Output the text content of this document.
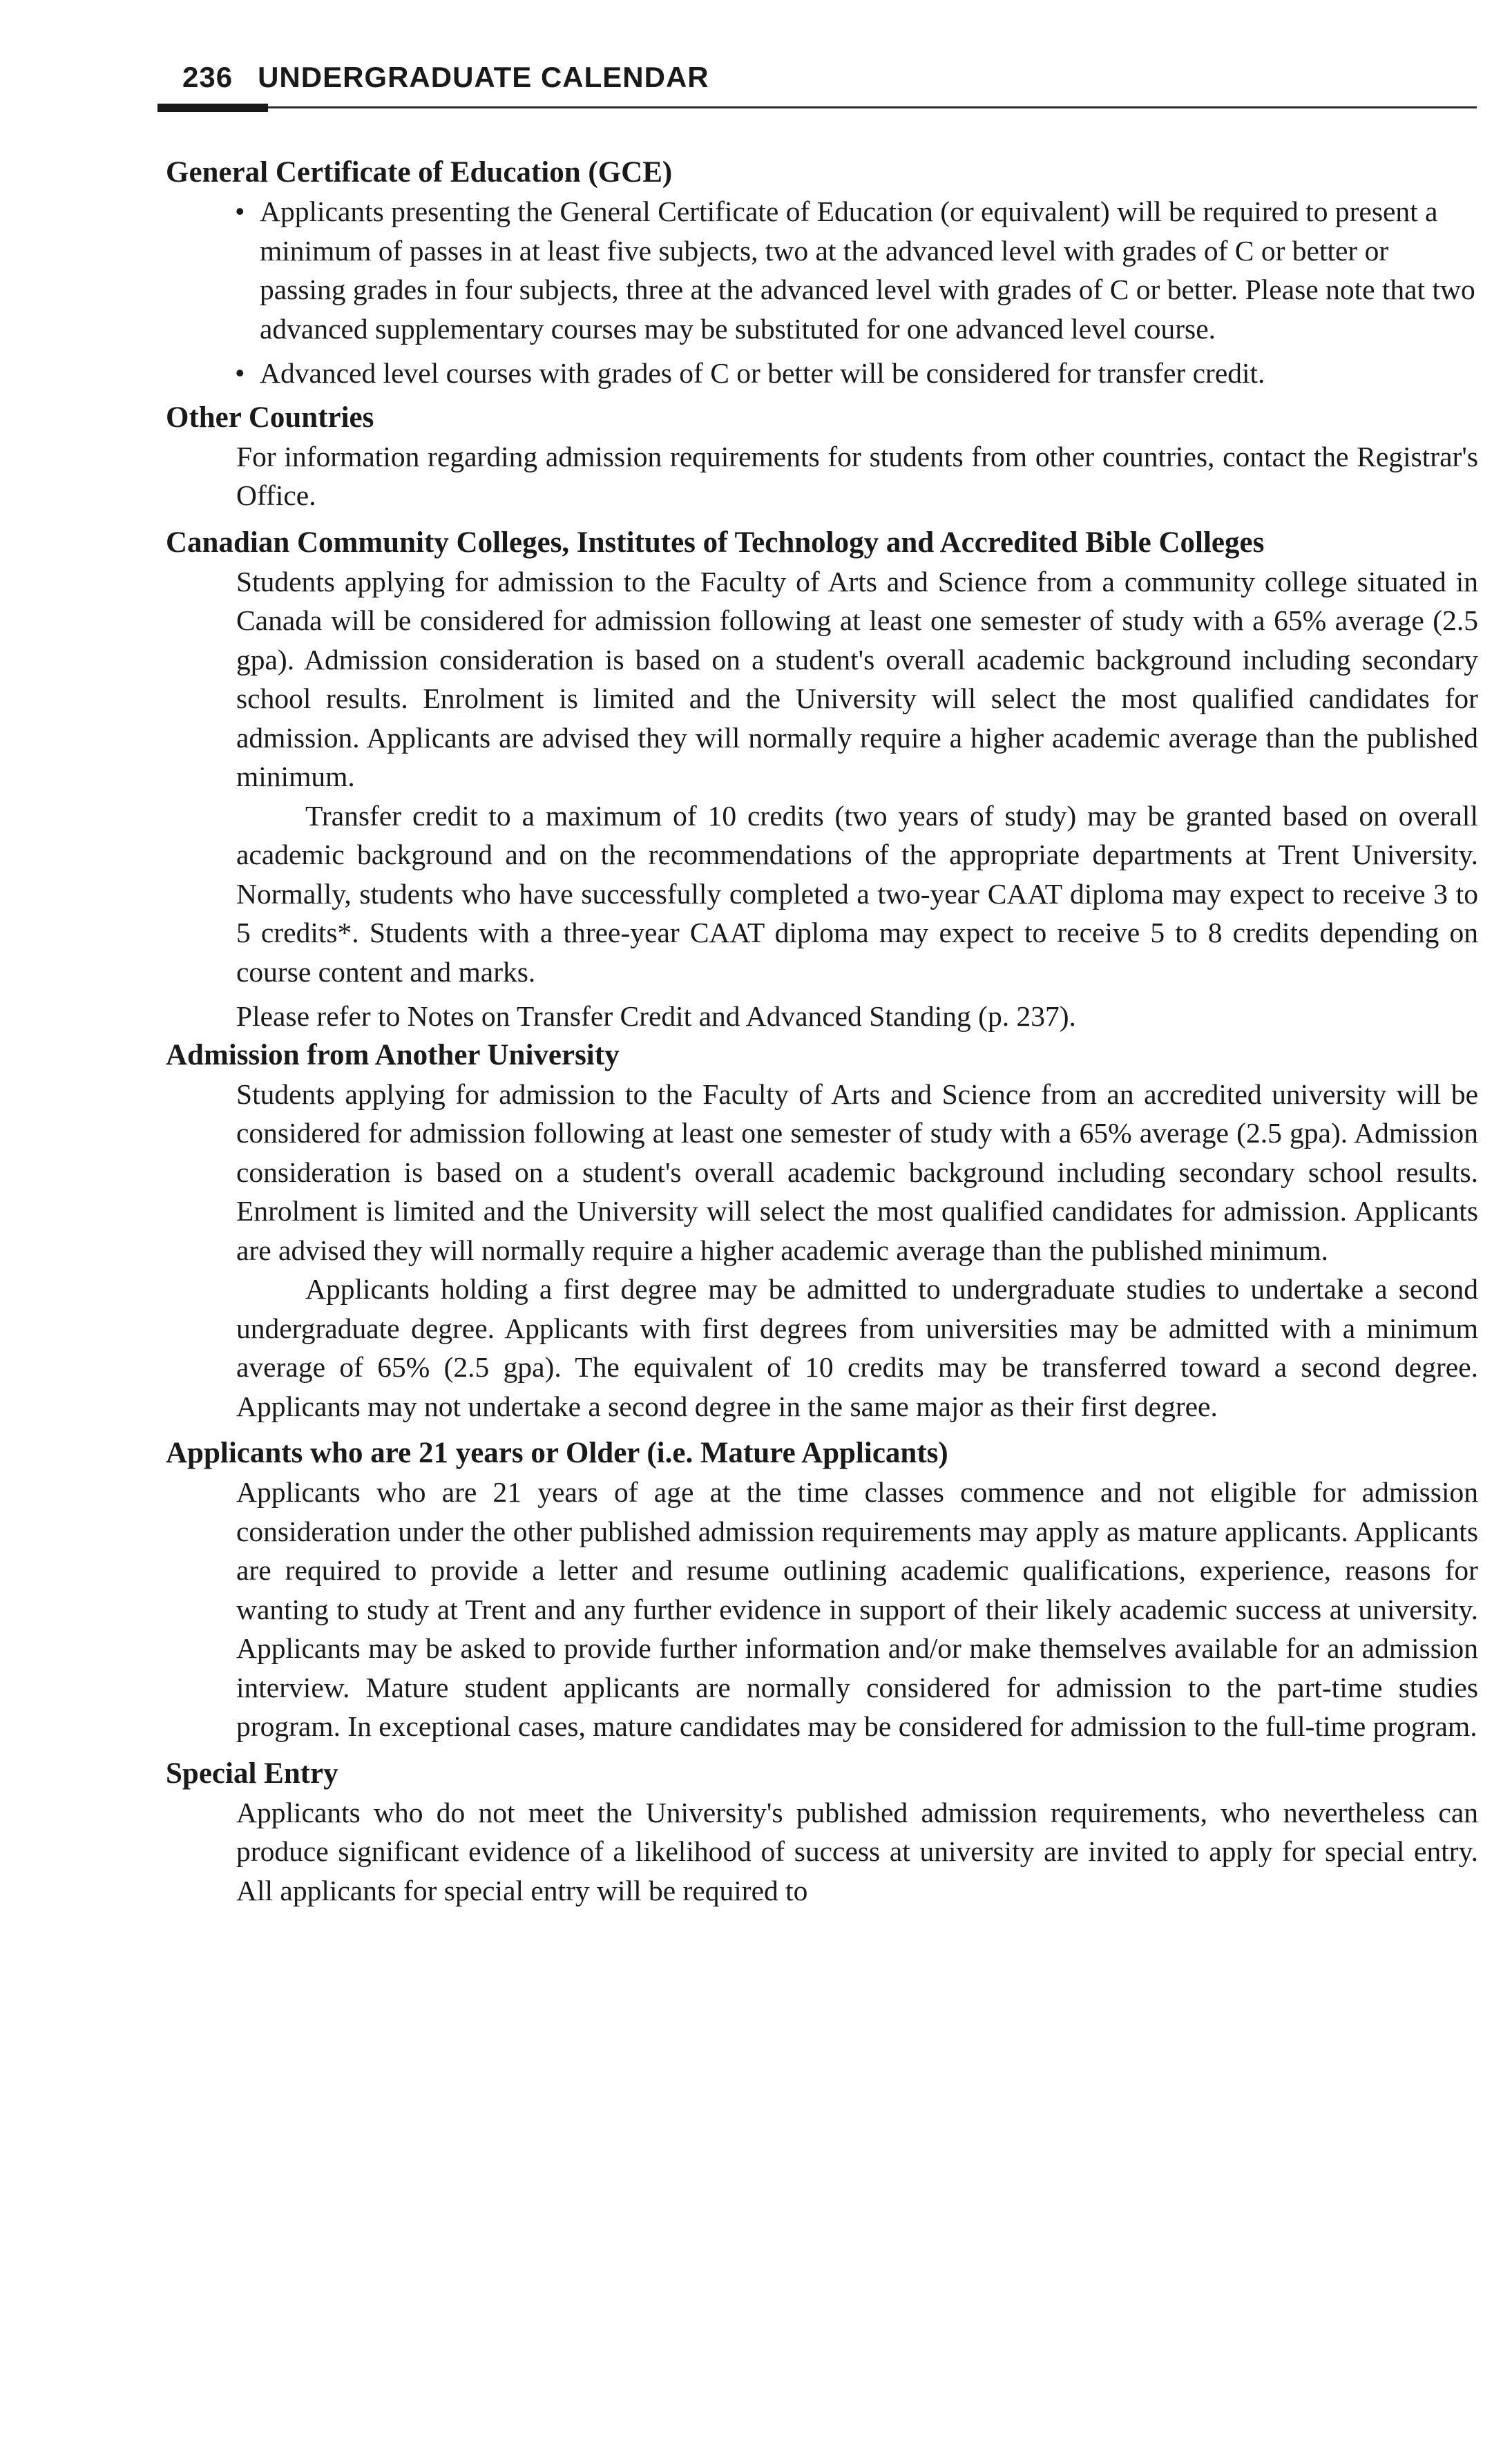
236 UNDERGRADUATE CALENDAR
General Certificate of Education (GCE)
• Applicants presenting the General Certificate of Education (or equivalent) will be required to present a minimum of passes in at least five subjects, two at the advanced level with grades of C or better or passing grades in four subjects, three at the advanced level with grades of C or better. Please note that two advanced supplementary courses may be substituted for one advanced level course.
• Advanced level courses with grades of C or better will be considered for transfer credit.
Other Countries

For information regarding admission requirements for students from other countries, contact the Registrar's Office.

Canadian Community Colleges, Institutes of Technology and Accredited Bible Colleges

Students applying for admission to the Faculty of Arts and Science from a community college situated in Canada will be considered for admission following at least one semester of study with a 65% average (2.5 gpa). Admission consideration is based on a student's overall academic background including secondary school results. Enrolment is limited and the University will select the most qualified candidates for admission. Applicants are advised they will normally require a higher academic average than the published minimum.

Transfer credit to a maximum of 10 credits (two years of study) may be granted based on overall academic background and on the recommendations of the appropriate departments at Trent University. Normally, students who have successfully completed a two-year CAAT diploma may expect to receive 3 to 5 credits*. Students with a three-year CAAT diploma may expect to receive 5 to 8 credits depending on course content and marks.

Please refer to Notes on Transfer Credit and Advanced Standing (p. 237).

Admission from Another University

Students applying for admission to the Faculty of Arts and Science from an accredited university will be considered for admission following at least one semester of study with a 65% average (2.5 gpa). Admission consideration is based on a student's overall academic background including secondary school results. Enrolment is limited and the University will select the most qualified candidates for admission. Applicants are advised they will normally require a higher academic average than the published minimum.

Applicants holding a first degree may be admitted to undergraduate studies to undertake a second undergraduate degree. Applicants with first degrees from universities may be admitted with a minimum average of 65% (2.5 gpa). The equivalent of 10 credits may be transferred toward a second degree. Applicants may not undertake a second degree in the same major as their first degree.

Applicants who are 21 years or Older (i.e. Mature Applicants)

Applicants who are 21 years of age at the time classes commence and not eligible for admission consideration under the other published admission requirements may apply as mature applicants. Applicants are required to provide a letter and resume outlining academic qualifications, experience, reasons for wanting to study at Trent and any further evidence in support of their likely academic success at university. Applicants may be asked to provide further information and/or make themselves available for an admission interview. Mature student applicants are normally considered for admission to the part-time studies program. In exceptional cases, mature candidates may be considered for admission to the full-time program.

Special Entry

Applicants who do not meet the University's published admission requirements, who nevertheless can produce significant evidence of a likelihood of success at university are invited to apply for special entry. All applicants for special entry will be required to
